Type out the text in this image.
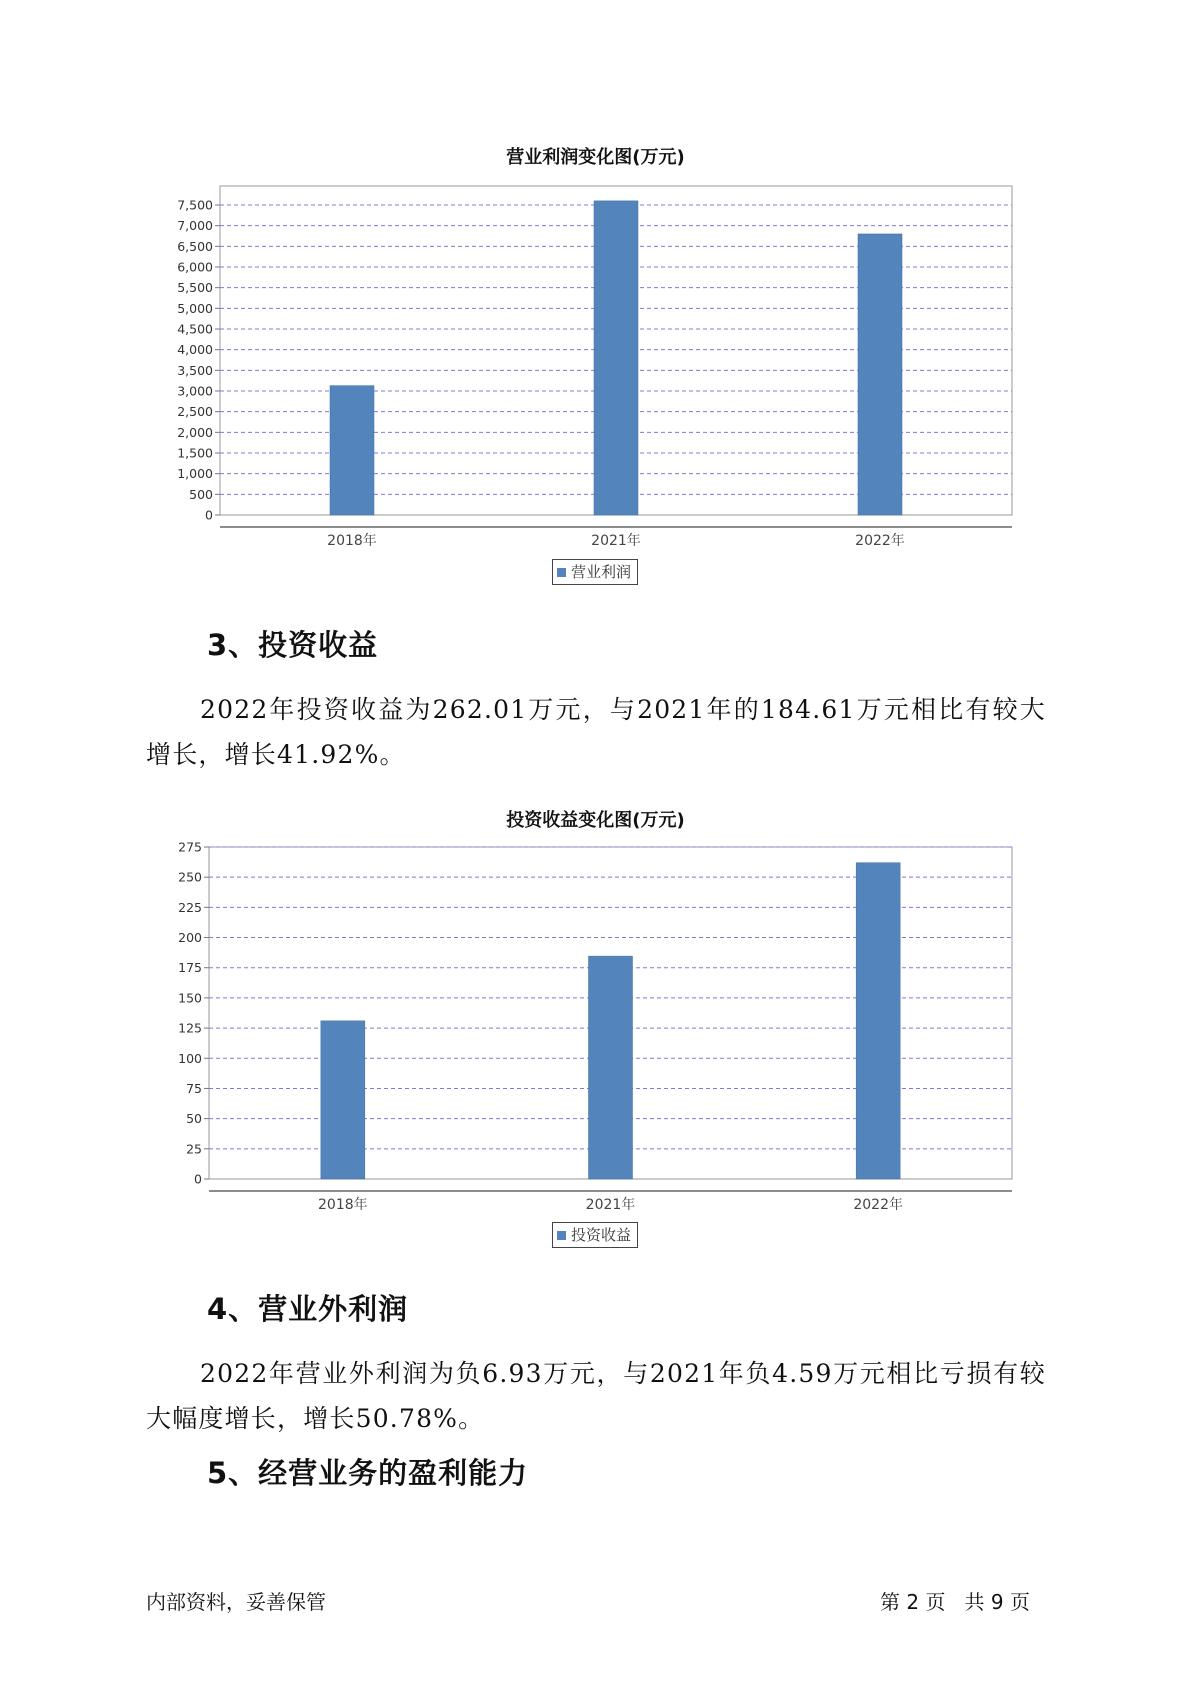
营业利润变化图(万元)
0
500
1,000
1,500
2,000
2,500
3,000
3,500
4,000
4,500
5,000
5,500
6,000
6,500
7,000
7,500
2018年	2021年	2022年
营业利润
3、投资收益
2022年投资收益为262.01万元，与2021年的184.61万元相比有较大增长，增长41.92%。
投资收益变化图(万元)
0
25
50
75
100
125
150
175
200
225
250
275
2018年	2021年	2022年
投资收益
4、营业外利润
2022年营业外利润为负6.93万元，与2021年负4.59万元相比亏损有较大幅度增长，增长50.78%。
5、经营业务的盈利能力
内部资料，妥善保管	第 2 页   共 9 页
